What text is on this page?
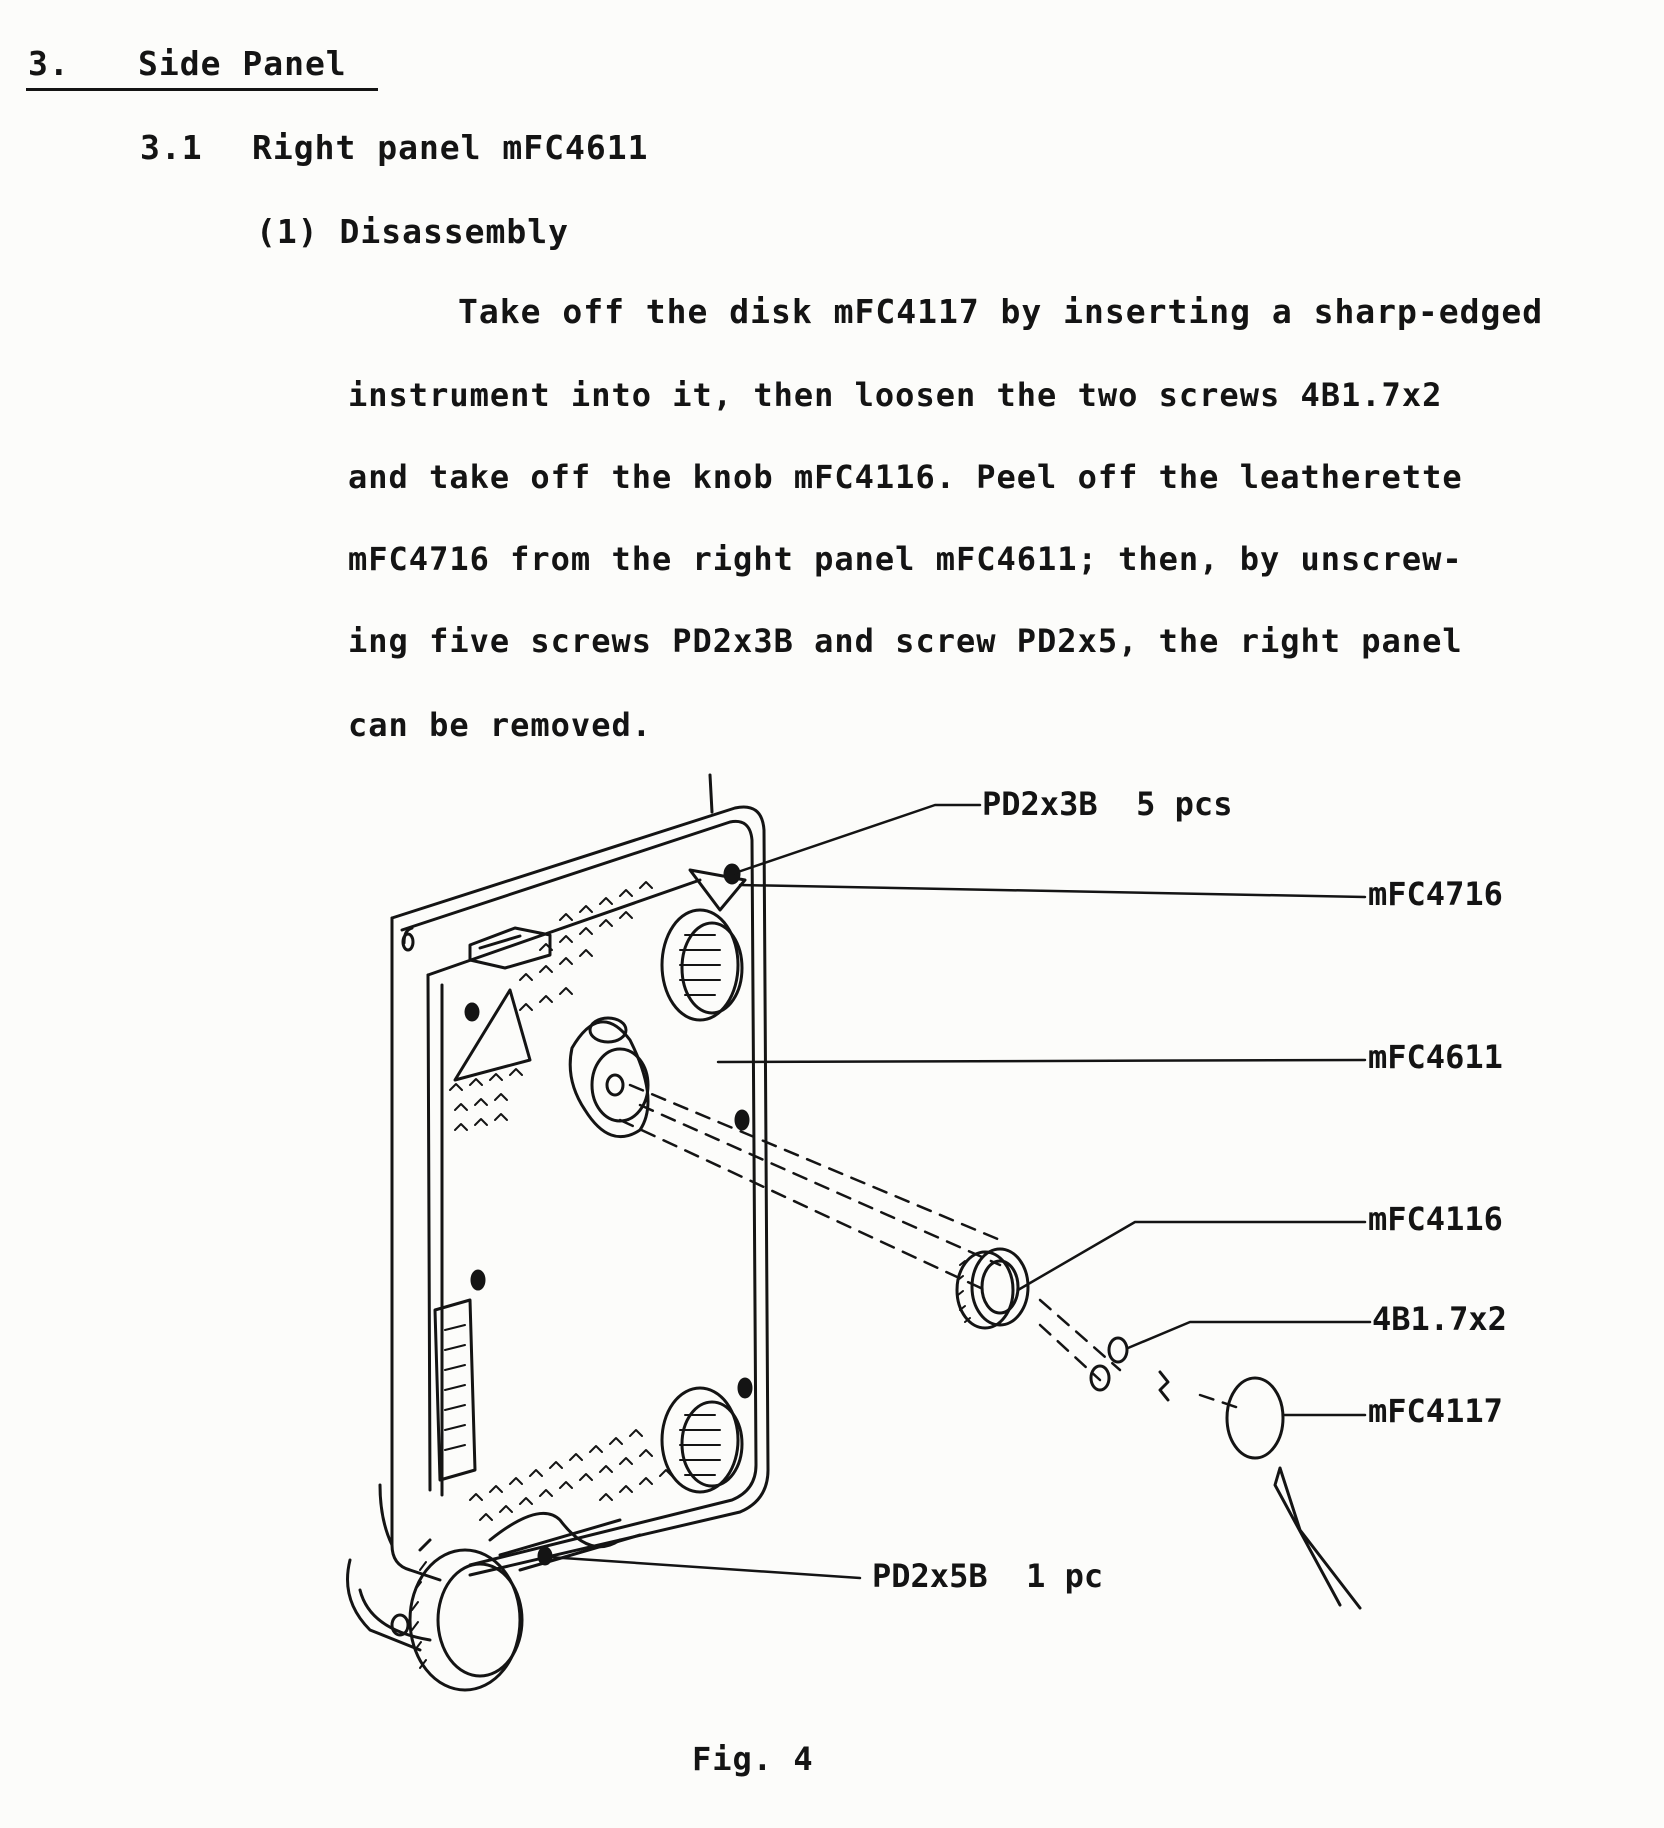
3. Side Panel
3.1 Right panel mFC4611
(1) Disassembly
Take off the disk mFC4117 by inserting a sharp-edged
instrument into it, then loosen the two screws 4B1.7x2
and take off the knob mFC4116. Peel off the leatherette
mFC4716 from the right panel mFC4611; then, by unscrew-
ing five screws PD2x3B and screw PD2x5, the right panel
can be removed.
PD2x3B  5 pcs
mFC4716
mFC4611
mFC4116
4B1.7x2
mFC4117
PD2x5B  1 pc
Fig. 4
